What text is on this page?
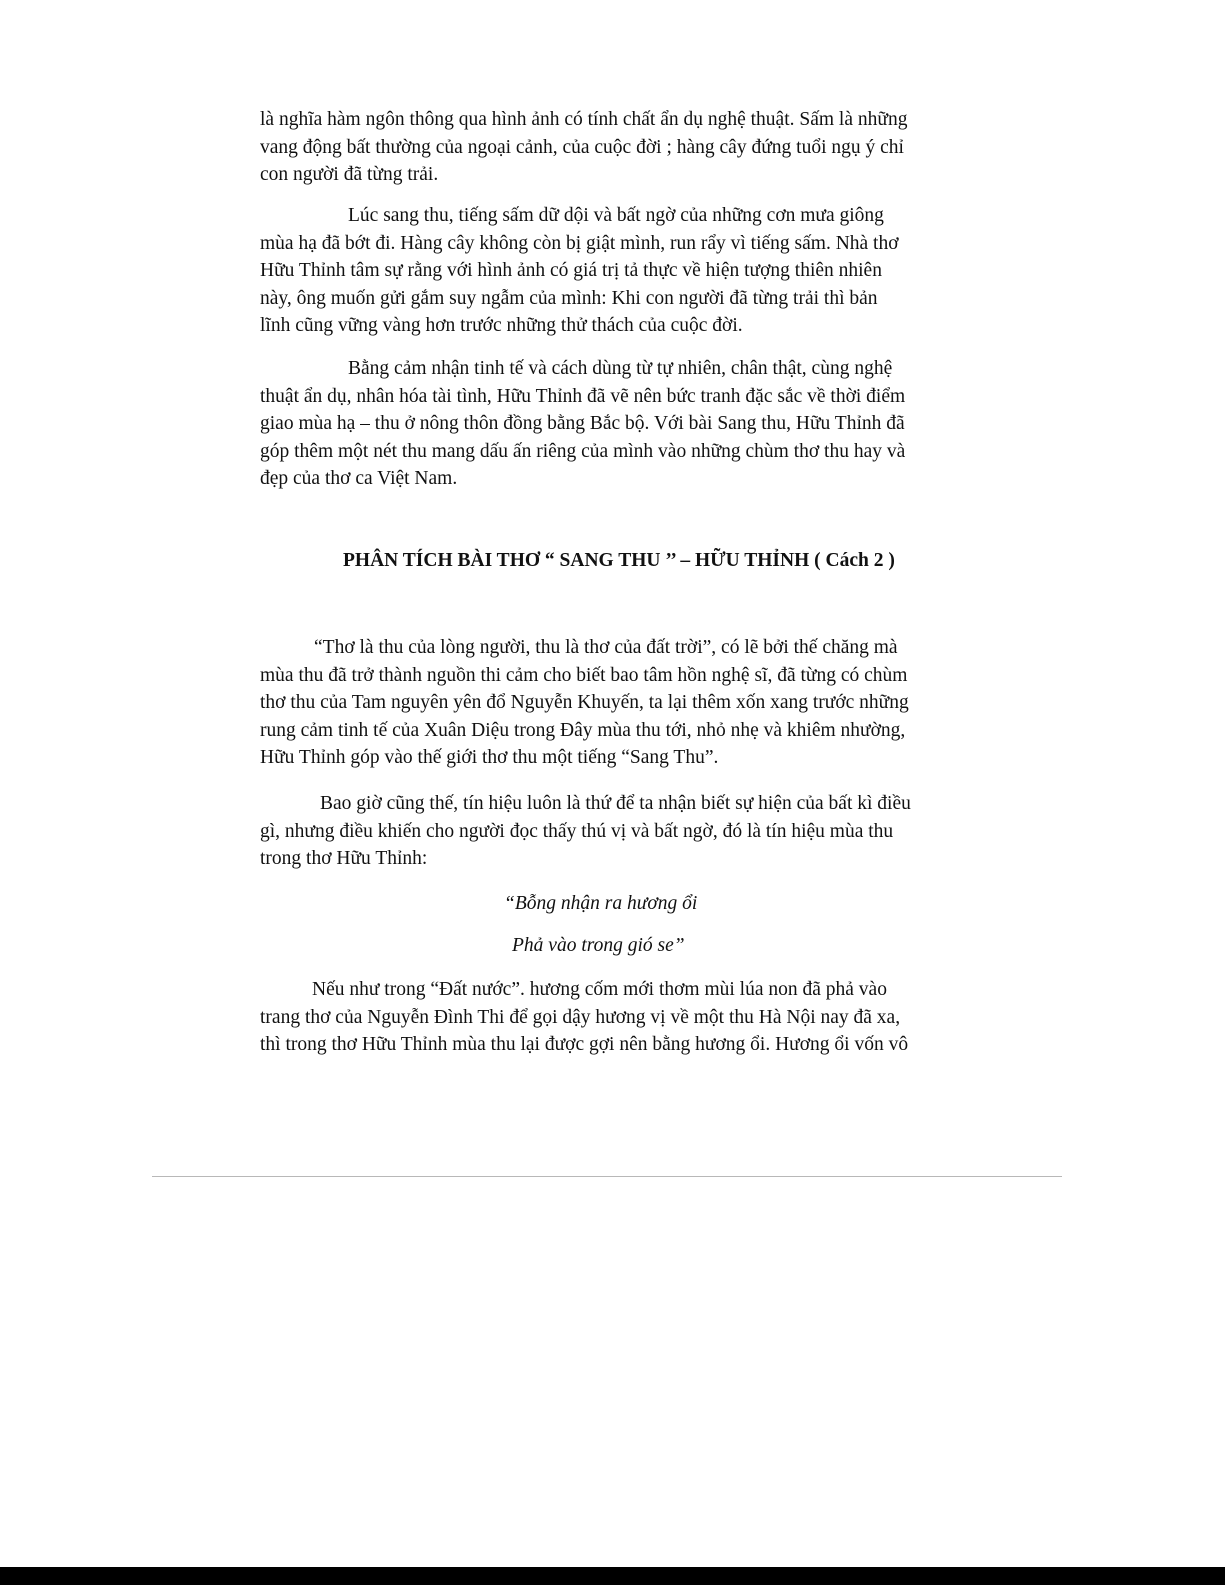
là nghĩa hàm ngôn thông qua hình ảnh có tính chất ẩn dụ nghệ thuật. Sấm là những
vang động bất thường của ngoại cảnh, của cuộc đời ; hàng cây đứng tuổi ngụ ý chỉ
con người đã từng trải.
Lúc sang thu, tiếng sấm dữ dội và bất ngờ của những cơn mưa giông
mùa hạ đã bớt đi. Hàng cây không còn bị giật mình, run rẩy vì tiếng sấm. Nhà thơ
Hữu Thỉnh tâm sự rằng với hình ảnh có giá trị tả thực về hiện tượng thiên nhiên
này, ông muốn gửi gắm suy ngẫm của mình: Khi con người đã từng trải thì bản
lĩnh cũng vững vàng hơn trước những thử thách của cuộc đời.
Bằng cảm nhận tinh tế và cách dùng từ tự nhiên, chân thật, cùng nghệ
thuật ẩn dụ, nhân hóa tài tình, Hữu Thỉnh đã vẽ nên bức tranh đặc sắc về thời điểm
giao mùa hạ – thu ở nông thôn đồng bằng Bắc bộ. Với bài Sang thu, Hữu Thỉnh đã
góp thêm một nét thu mang dấu ấn riêng của mình vào những chùm thơ thu hay và
đẹp của thơ ca Việt Nam.
PHÂN TÍCH BÀI THƠ “ SANG THU ’’ – HỮU THỈNH ( Cách 2 )
“Thơ là thu của lòng người, thu là thơ của đất trời”, có lẽ bởi thế chăng mà
mùa thu đã trở thành nguồn thi cảm cho biết bao tâm hồn nghệ sĩ, đã từng có chùm
thơ thu của Tam nguyên yên đổ Nguyễn Khuyến, ta lại thêm xốn xang trước những
rung cảm tinh tế của Xuân Diệu trong Đây mùa thu tới, nhỏ nhẹ và khiêm nhường,
Hữu Thỉnh góp vào thế giới thơ thu một tiếng “Sang Thu”.
Bao giờ cũng thế, tín hiệu luôn là thứ để ta nhận biết sự hiện của bất kì điều
gì, nhưng điều khiến cho người đọc thấy thú vị và bất ngờ, đó là tín hiệu mùa thu
trong thơ Hữu Thỉnh:
“Bỗng nhận ra hương ổi
Phả vào trong gió se”
Nếu như trong “Đất nước”. hương cốm mới thơm mùi lúa non đã phả vào
trang thơ của Nguyễn Đình Thi để gọi dậy hương vị về một thu Hà Nội nay đã xa,
thì trong thơ Hữu Thỉnh mùa thu lại được gợi nên bằng hương ổi. Hương ổi vốn vô
